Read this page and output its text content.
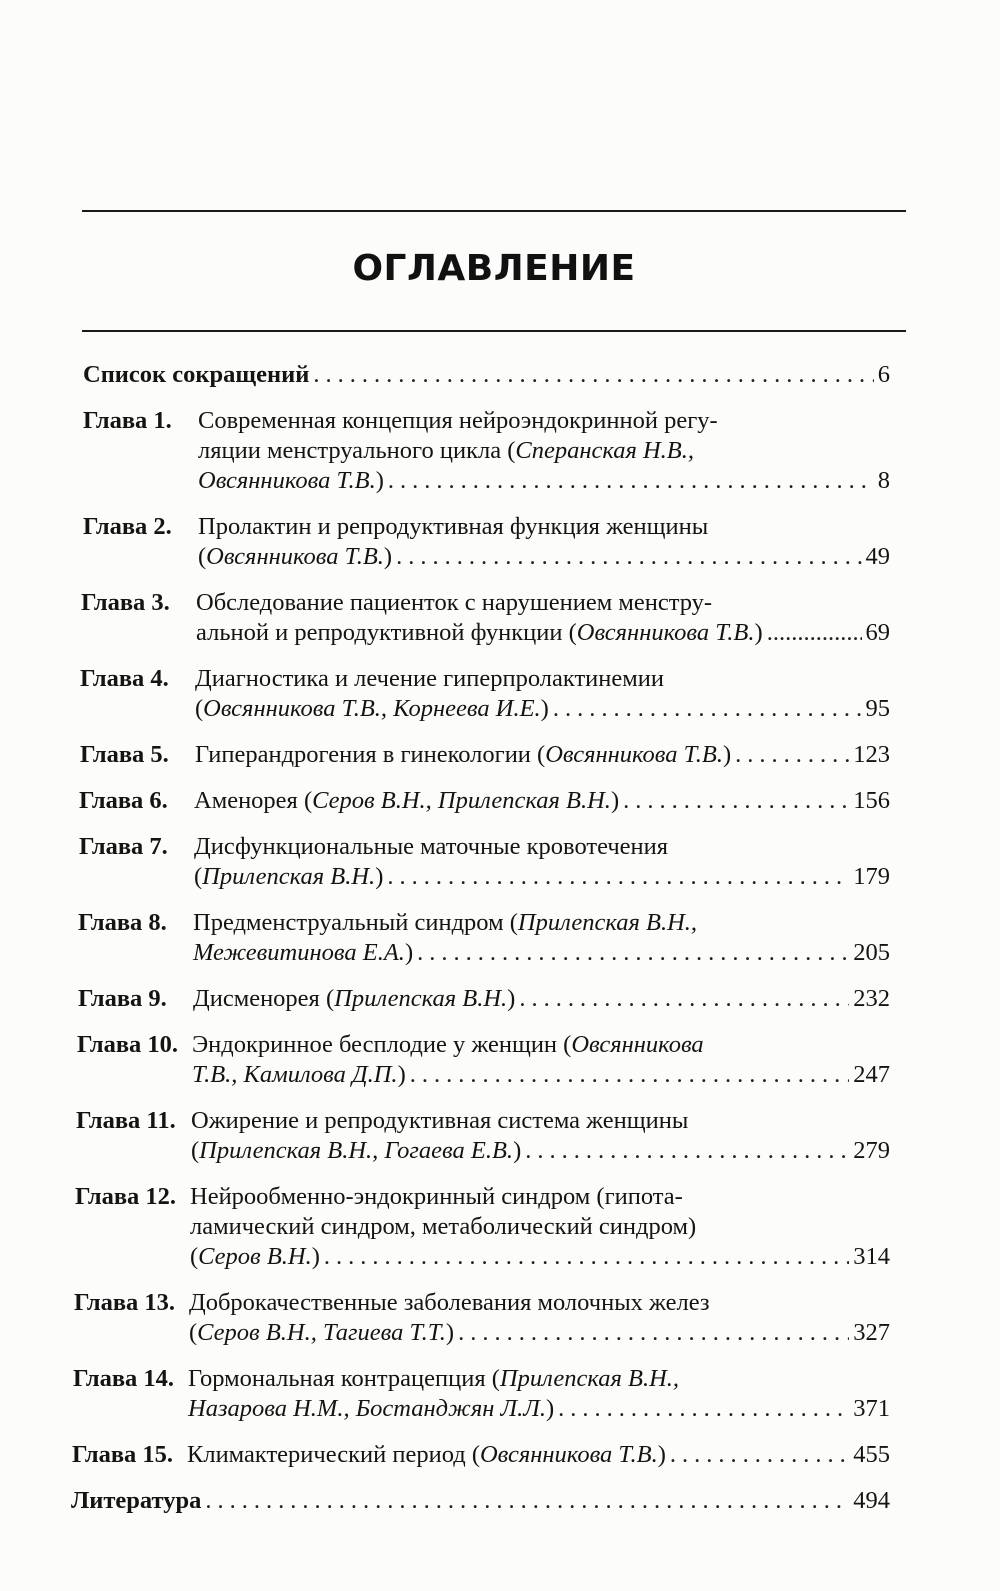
ОГЛАВЛЕНИЕ
Список сокращений .....	6
Глава 1.	Современная концепция нейроэндокринной регу-
ляции менструального цикла (Сперанская Н.В.,
Овсянникова Т.В.) .....	8
Глава 2.	Пролактин и репродуктивная функция женщины
(Овсянникова Т.В.) .....	49
Глава 3.	Обследование пациенток с нарушением менстру-
альной и репродуктивной функции (Овсянникова Т.В.) .....	69
Глава 4.	Диагностика и лечение гиперпролактинемии
(Овсянникова Т.В., Корнеева И.Е.) .....	95
Глава 5.	Гиперандрогения в гинекологии (Овсянникова Т.В.) .....	123
Глава 6.	Аменорея (Серов В.Н., Прилепская В.Н.) .....	156
Глава 7.	Дисфункциональные маточные кровотечения
(Прилепская В.Н.) .....	179
Глава 8.	Предменструальный синдром (Прилепская В.Н.,
Межевитинова Е.А.) .....	205
Глава 9.	Дисменорея (Прилепская В.Н.) .....	232
Глава 10. Эндокринное бесплодие у женщин (Овсянникова
Т.В., Камилова Д.П.) .....	247
Глава 11. Ожирение и репродуктивная система женщины
(Прилепская В.Н., Гогаева Е.В.) .....	279
Глава 12. Нейрообменно-эндокринный синдром (гипота-
ламический синдром, метаболический синдром)
(Серов В.Н.) .....	314
Глава 13. Доброкачественные заболевания молочных желез
(Серов В.Н., Тагиева Т.Т.) .....	327
Глава 14. Гормональная контрацепция (Прилепская В.Н.,
Назарова Н.М., Бостанджян Л.Л.) .....	371
Глава 15. Климактерический период (Овсянникова Т.В.) .....	455
Литература .....	494
